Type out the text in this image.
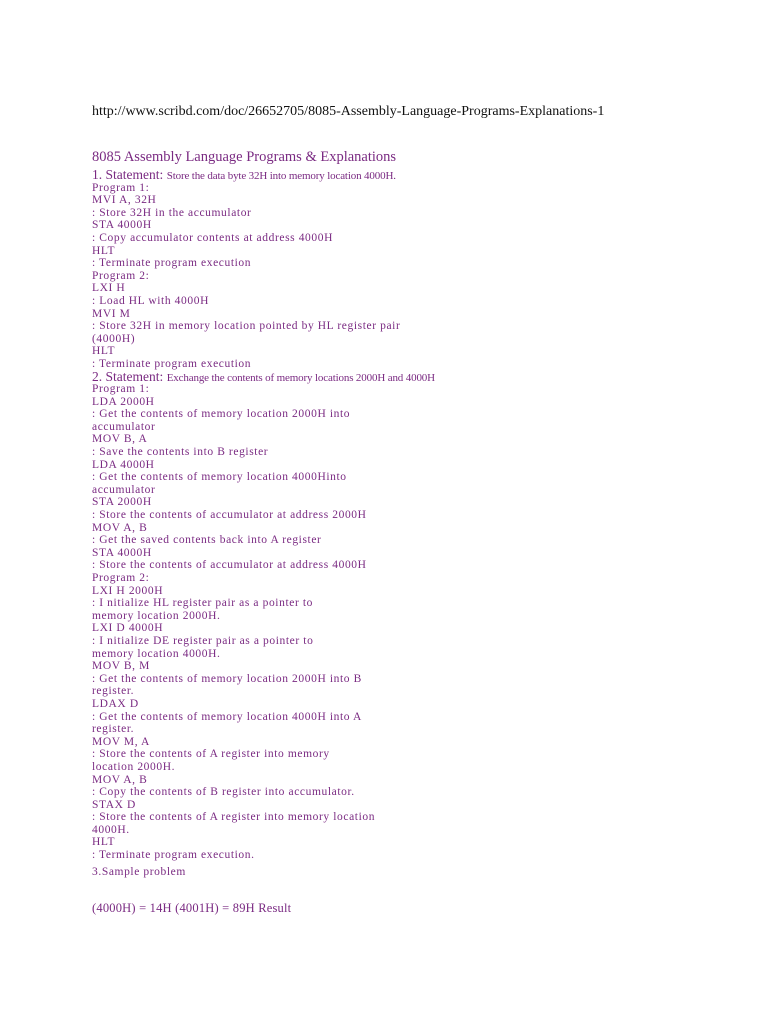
http://www.scribd.com/doc/26652705/8085-Assembly-Language-Programs-Explanations-1
8085 Assembly Language Programs & Explanations
1. Statement: Store the data byte 32H into memory location 4000H.
Program 1:
MVI A, 32H
: Store 32H in the accumulator
STA 4000H
: Copy accumulator contents at address 4000H
HLT
: Terminate program execution
Program 2:
LXI H
: Load HL with 4000H
MVI M
: Store 32H in memory location pointed by HL register pair
(4000H)
HLT
: Terminate program execution
2. Statement: Exchange the contents of memory locations 2000H and 4000H
Program 1:
LDA 2000H
: Get the contents of memory location 2000H into
accumulator
MOV B, A
: Save the contents into B register
LDA 4000H
: Get the contents of memory location 4000Hinto
accumulator
STA 2000H
: Store the contents of accumulator at address 2000H
MOV A, B
: Get the saved contents back into A register
STA 4000H
: Store the contents of accumulator at address 4000H
Program 2:
LXI H 2000H
: I nitialize HL register pair as a pointer to
memory location 2000H.
LXI D 4000H
: I nitialize DE register pair as a pointer to
memory location 4000H.
MOV B, M
: Get the contents of memory location 2000H into B
register.
LDAX D
: Get the contents of memory location 4000H into A
register.
MOV M, A
: Store the contents of A register into memory
location 2000H.
MOV A, B
: Copy the contents of B register into accumulator.
STAX D
: Store the contents of A register into memory location
4000H.
HLT
: Terminate program execution.
3.Sample problem
(4000H) = 14H (4001H) = 89H Result
